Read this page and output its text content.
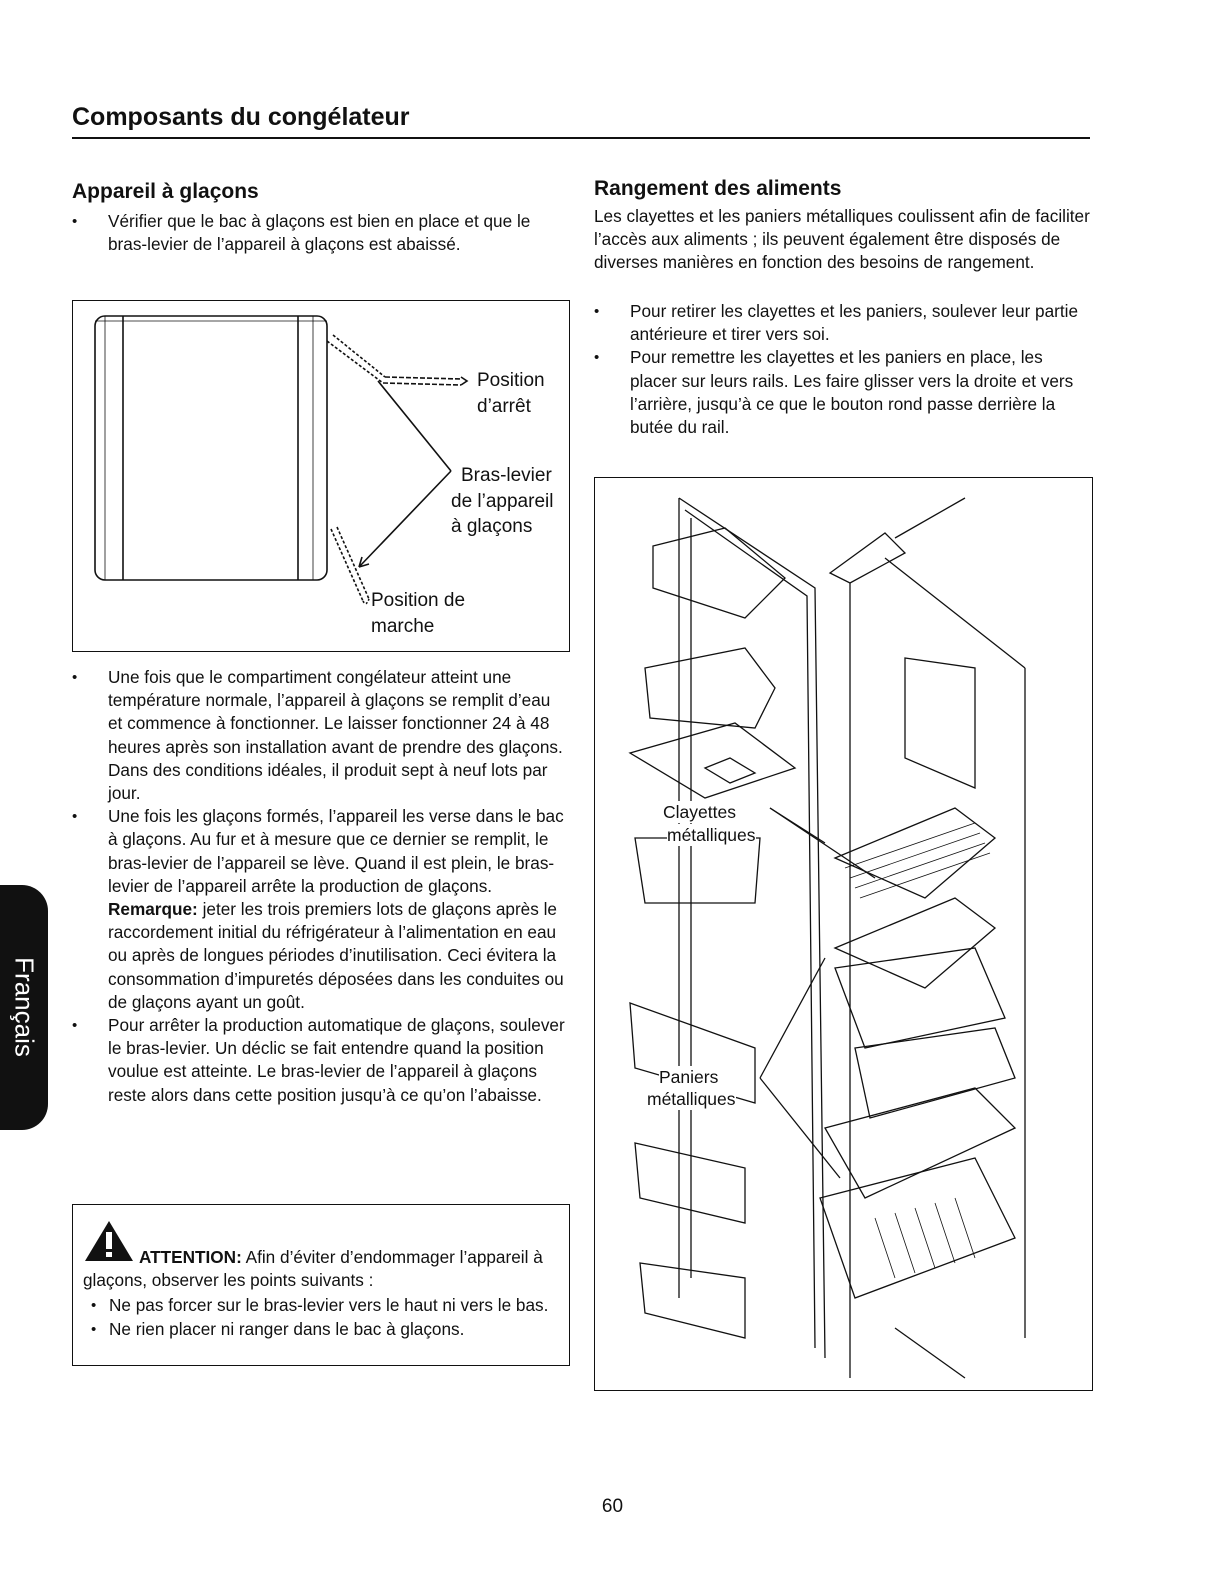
Composants du congélateur
Appareil à glaçons
• Vérifier que le bac à glaçons est bien en place et que le bras-levier de l’appareil à glaçons est abaissé.
Position
d’arrêt
Bras-levier
de l’appareil
à glaçons
Position de
marche
• Une fois que le compartiment congélateur atteint une température normale, l’appareil à glaçons se remplit d’eau et commence à fonctionner. Le laisser fonctionner 24 à 48 heures après son installation avant de prendre des glaçons. Dans des conditions idéales, il produit sept à neuf lots par jour.
• Une fois les glaçons formés, l’appareil les verse dans le bac à glaçons. Au fur et à mesure que ce dernier se remplit, le bras-levier de l’appareil se lève. Quand il est plein, le bras-levier de l’appareil arrête la production de glaçons.
Remarque: jeter les trois premiers lots de glaçons après le raccordement initial du réfrigérateur à l’alimentation en eau ou après de longues périodes d’inutilisation. Ceci évitera la consommation d’impuretés déposées dans les conduites ou de glaçons ayant un goût.
• Pour arrêter la production automatique de glaçons, soulever le bras-levier. Un déclic se fait entendre quand la position voulue est atteinte. Le bras-levier de l’appareil à glaçons reste alors dans cette position jusqu’à ce qu’on l’abaisse.
ATTENTION: Afin d’éviter d’endommager l’appareil à glaçons, observer les points suivants :
• Ne pas forcer sur le bras-levier vers le haut ni vers le bas.
• Ne rien placer ni ranger dans le bac à glaçons.
Rangement des aliments

Les clayettes et les paniers métalliques coulissent afin de faciliter l’accès aux aliments ; ils peuvent également être disposés de diverses manières en fonction des besoins de rangement.

• Pour retirer les clayettes et les paniers, soulever leur partie antérieure et tirer vers soi.
• Pour remettre les clayettes et les paniers en place, les placer sur leurs rails. Les faire glisser vers la droite et vers l’arrière, jusqu’à ce que le bouton rond passe derrière la butée du rail.
Clayettes
métalliques
Paniers
métalliques
Français
60
